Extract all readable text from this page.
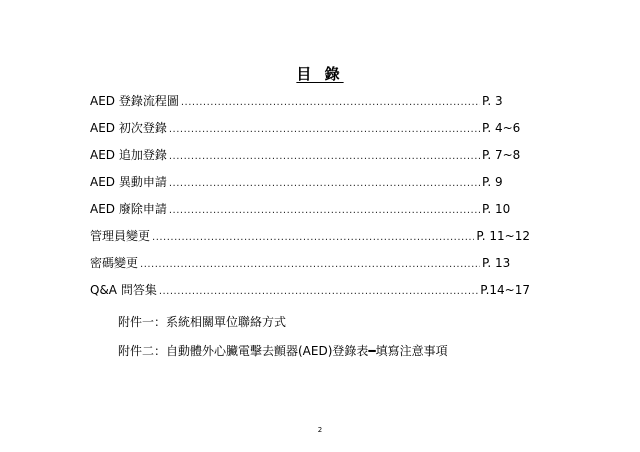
目 錄
AED 登錄流程圖 .....	P. 3
AED 初次登錄 .....	P. 4~6
AED 追加登錄 .....	P. 7~8
AED 異動申請 .....	P. 9
AED 廢除申請 .....	P. 10
管理員變更 .....	P. 11~12
密碼變更 .....	P. 13
Q&A 問答集 .....	P.14~17
附件一：系統相關單位聯絡方式
附件二：自動體外心臟電擊去顫器(AED)登錄表━填寫注意事項
2
